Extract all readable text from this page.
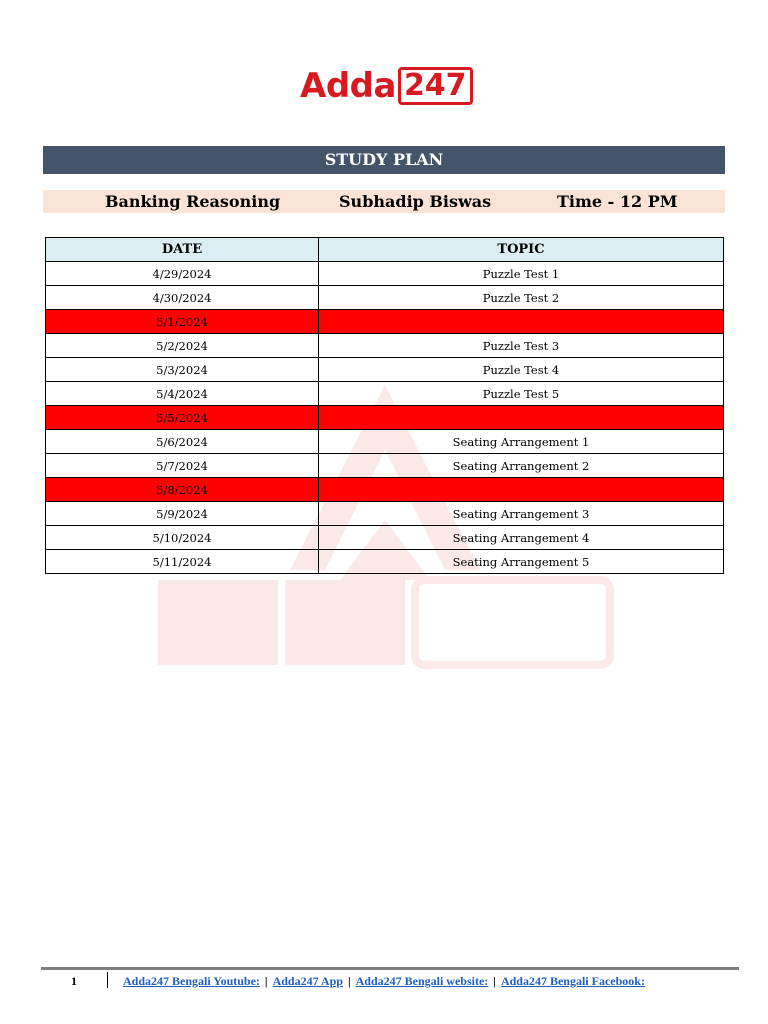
Adda 247
STUDY PLAN
Banking Reasoning	Subhadip Biswas	Time - 12 PM
DATE	TOPIC
4/29/2024	Puzzle Test 1
4/30/2024	Puzzle Test 2
5/1/2024	
5/2/2024	Puzzle Test 3
5/3/2024	Puzzle Test 4
5/4/2024	Puzzle Test 5
5/5/2024	
5/6/2024	Seating Arrangement 1
5/7/2024	Seating Arrangement 2
5/8/2024	
5/9/2024	Seating Arrangement 3
5/10/2024	Seating Arrangement 4
5/11/2024	Seating Arrangement 5
1	Adda247 Bengali Youtube: | Adda247 App | Adda247 Bengali website: | Adda247 Bengali Facebook:
